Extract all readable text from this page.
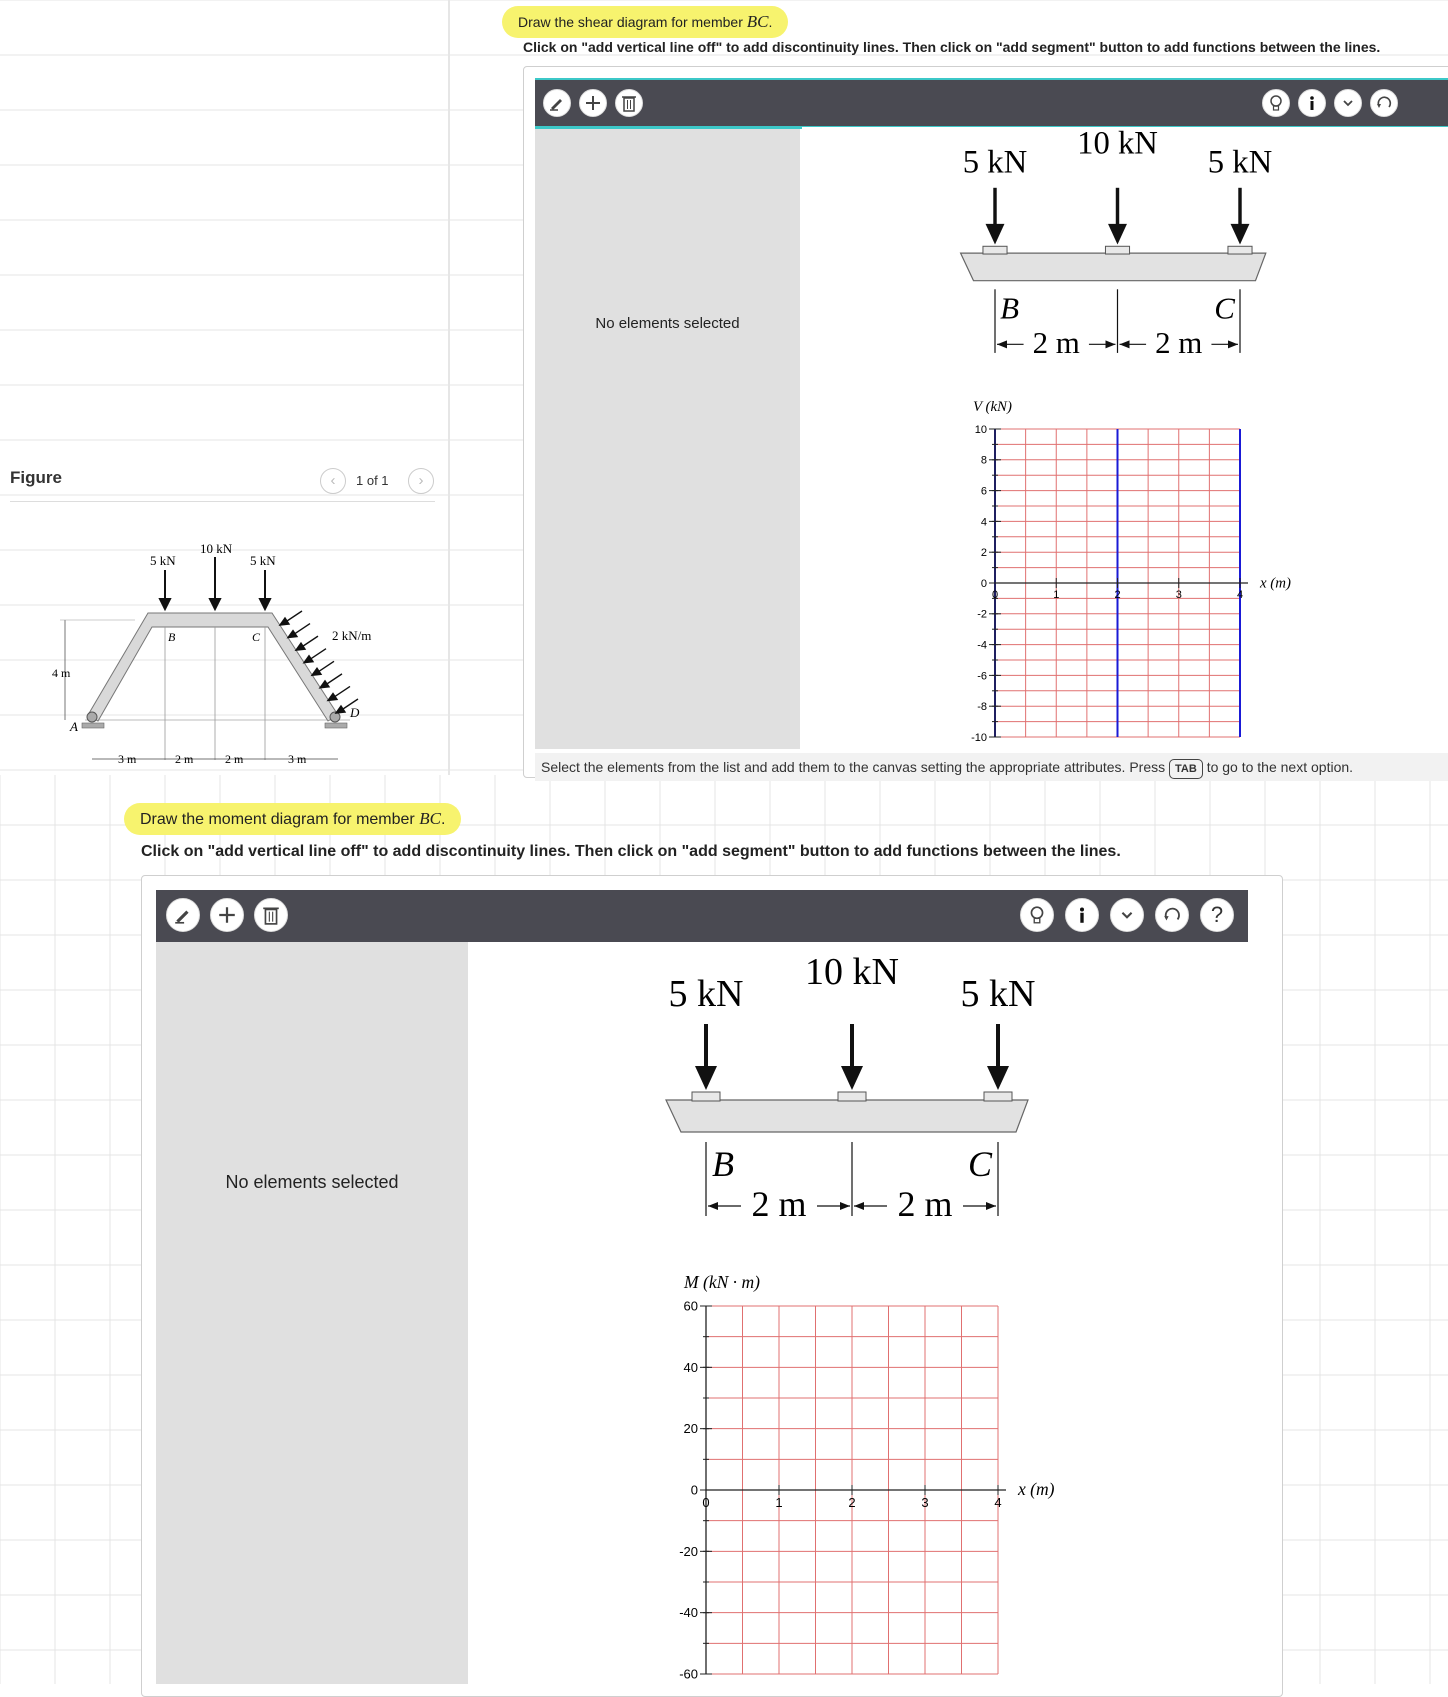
Figure	‹	1 of 1	›
4 m
5 kN
10 kN
5 kN
2 kN/m
A
B	C
D
3 m	2 m	2 m	3 m
Draw the shear diagram for member BC.
Click on "add vertical line off" to add discontinuity lines. Then click on "add segment" button to add functions between the lines.
No elements selected
5 kN
10 kN
5 kN
B	C
2 m 2 m
10
8
6
4
2
0
-2
-4
-6
-8
-10
0	1	2	3	4
V (kN)
x (m)
Select the elements from the list and add them to the canvas setting the appropriate attributes. Press TAB to go to the next option.
Draw the moment diagram for member BC.
Click on "add vertical line off" to add discontinuity lines. Then click on "add segment" button to add functions between the lines.
?
No elements selected
5 kN
10 kN
5 kN
B	C
2 m	2 m
60
40
20
0
-20
-40
-60
0	1	2	3	4
M (kN · m)
x (m)
